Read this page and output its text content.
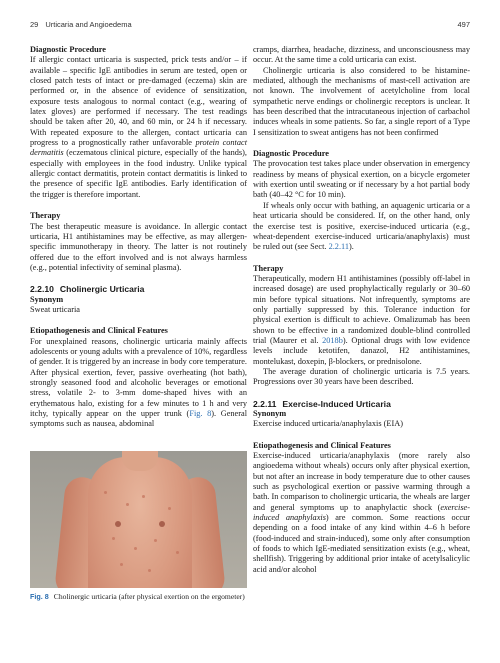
29 Urticaria and Angioedema	497

Diagnostic Procedure

If allergic contact urticaria is suspected, prick tests and/or – if available – specific IgE antibodies in serum are tested, open or closed patch tests of intact or pre-damaged (eczema) skin are performed or, in the absence of evidence of sensitization, exposure tests analogous to normal contact (e.g., wearing of latex gloves) are performed if necessary. The test readings should be taken after 20, 40, and 60 min, or 24 h if necessary. With repeated exposure to the allergen, contact urticaria can progress to a prognostically rather unfavorable protein contact dermatitis (eczematous clinical picture, especially of the hands), especially with employees in the food industry. Unlike typical allergic contact dermatitis, protein contact dermatitis is linked to the presence of specific IgE antibodies. Early identification of the trigger is therefore important.

Therapy

The best therapeutic measure is avoidance. In allergic contact urticaria, H1 antihistamines may be effective, as may allergen-specific immunotherapy in theory. The latter is not routinely offered due to the effort involved and is not always harmless (e.g., potential infectivity of seminal plasma).

2.2.10 Cholinergic Urticaria

Synonym

Sweat urticaria

Etiopathogenesis and Clinical Features

For unexplained reasons, cholinergic urticaria mainly affects adolescents or young adults with a prevalence of 10%, regardless of gender. It is triggered by an increase in body core temperature. After physical exertion, fever, passive overheating (hot bath), strongly seasoned food and alcoholic beverages or emotional stress, volatile 2- to 3-mm dome-shaped hives with an erythematous halo, existing for a few minutes to 1 h and very itchy, typically appear on the upper trunk (Fig. 8). General symptoms such as nausea, abdominal

Fig. 8 Cholinergic urticaria (after physical exertion on the ergometer)

cramps, diarrhea, headache, dizziness, and unconsciousness may occur. At the same time a cold urticaria can exist.

Cholinergic urticaria is also considered to be histamine-mediated, although the mechanisms of mast-cell activation are not known. The involvement of acetylcholine from local sympathetic nerve endings or cholinergic receptors is unclear. It has been described that the intracutaneous injection of carbachol induces wheals in some patients. So far, a single report of a Type I sensitization to sweat antigens has not been confirmed

Diagnostic Procedure

The provocation test takes place under observation in emergency readiness by means of physical exertion, on a bicycle ergometer with exertion until sweating or if necessary by a hot partial body bath (40–42 °C for 10 min).

If wheals only occur with bathing, an aquagenic urticaria or a heat urticaria should be considered. If, on the other hand, only the exercise test is positive, exercise-induced urticaria (e.g., wheat-dependent exercise-induced urticaria/anaphylaxis) must be ruled out (see Sect. 2.2.11).

Therapy

Therapeutically, modern H1 antihistamines (possibly off-label in increased dosage) are used prophylactically regularly or 30–60 min before typical situations. Not infrequently, symptoms are only partially suppressed by this. Tolerance induction for physical exertion is difficult to achieve. Omalizumab has been shown to be effective in a randomized double-blind controlled trial (Maurer et al. 2018b). Optional drugs with low evidence levels include ketotifen, danazol, H2 antihistamines, montelukast, doxepin, β-blockers, or prednisolone.

The average duration of cholinergic urticaria is 7.5 years. Progressions over 30 years have been described.

2.2.11 Exercise-Induced Urticaria

Synonym

Exercise induced urticaria/anaphylaxis (EIA)

Etiopathogenesis and Clinical Features

Exercise-induced urticaria/anaphylaxis (more rarely also angioedema without wheals) occurs only after physical exertion, but not after an increase in body temperature due to other causes such as psychological exertion or passive warming through a bath. In comparison to cholinergic urticaria, the wheals are larger and general symptoms up to anaphylactic shock (exercise-induced anaphylaxis) are common. Some reactions occur depending on a food intake of any kind within 4–6 h before (food-induced and strain-induced), some only after consumption of foods to which IgE-mediated sensitization exists (e.g., wheat, shellfish). Triggering by additional prior intake of acetylsalicylic acid and/or alcohol
